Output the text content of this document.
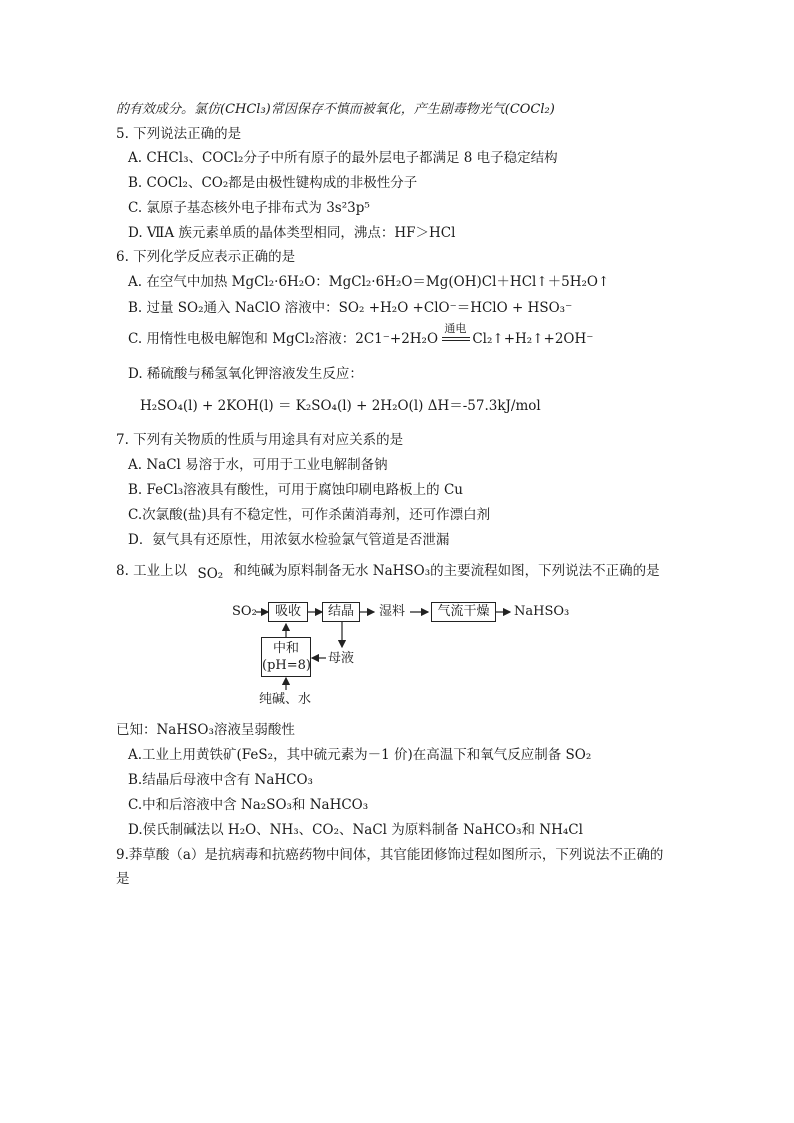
的有效成分。氯仿(CHCl₃)常因保存不慎而被氧化，产生剧毒物光气(COCl₂)
5. 下列说法正确的是
A. CHCl₃、COCl₂分子中所有原子的最外层电子都满足 8 电子稳定结构
B. COCl₂、CO₂都是由极性键构成的非极性分子
C. 氯原子基态核外电子排布式为 3s²3p⁵
D. ⅦA 族元素单质的晶体类型相同，沸点：HF＞HCl
6. 下列化学反应表示正确的是
A. 在空气中加热 MgCl₂·6H₂O：MgCl₂·6H₂O＝Mg(OH)Cl＋HCl↑＋5H₂O↑
B. 过量 SO₂通入 NaClO 溶液中：SO₂ +H₂O +ClO⁻＝HClO + HSO₃⁻
C. 用惰性电极电解饱和 MgCl₂溶液：2C1⁻+2H₂O
通电
Cl₂↑+H₂↑+2OH⁻
D. 稀硫酸与稀氢氧化钾溶液发生反应：
H₂SO₄(l) + 2KOH(l) ＝ K₂SO₄(l) + 2H₂O(l) ΔH＝-57.3kJ/mol
7. 下列有关物质的性质与用途具有对应关系的是
A. NaCl 易溶于水，可用于工业电解制备钠
B. FeCl₃溶液具有酸性，可用于腐蚀印刷电路板上的 Cu
C.次氯酸(盐)具有不稳定性，可作杀菌消毒剂，还可作漂白剂
D．氨气具有还原性，用浓氨水检验氯气管道是否泄漏
8. 工业上以 SO₂ 和纯碱为原料制备无水 NaHSO₃的主要流程如图，下列说法不正确的是
SO₂	吸收	结晶	湿料	气流干燥	NaHSO₃
中和
(pH=8) 母液
纯碱、水
已知：NaHSO₃溶液呈弱酸性
A.工业上用黄铁矿(FeS₂，其中硫元素为－1 价)在高温下和氧气反应制备 SO₂
B.结晶后母液中含有 NaHCO₃
C.中和后溶液中含 Na₂SO₃和 NaHCO₃
D.侯氏制碱法以 H₂O、NH₃、CO₂、NaCl 为原料制备 NaHCO₃和 NH₄Cl
9.莽草酸（a）是抗病毒和抗癌药物中间体，其官能团修饰过程如图所示，下列说法不正确的
是
